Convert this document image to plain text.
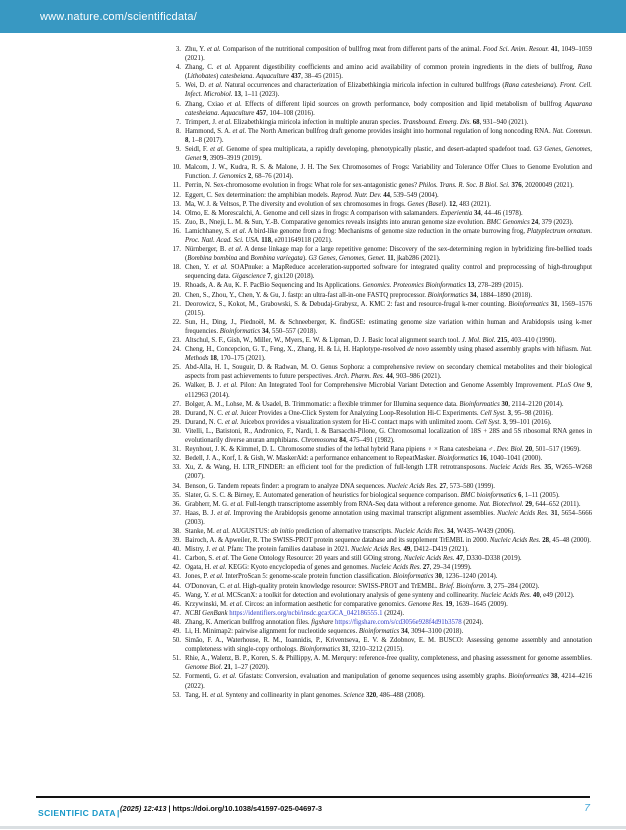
www.nature.com/scientificdata/
3. Zhu, Y. et al. Comparison of the nutritional composition of bullfrog meat from different parts of the animal. Food Sci. Anim. Resour. 41, 1049–1059 (2021).
4. Zhang, C. et al. Apparent digestibility coefficients and amino acid availability of common protein ingredients in the diets of bullfrog, Rana (Lithobates) catesbeiana. Aquaculture 437, 38–45 (2015).
5. Wei, D. et al. Natural occurrences and characterization of Elizabethkingia miricola infection in cultured bullfrogs (Rana catesbeiana). Front. Cell. Infect. Microbiol. 13, 1–11 (2023).
6. Zhang, Cxiao et al. Effects of different lipid sources on growth performance, body composition and lipid metabolism of bullfrog Aquarana catesbeiana. Aquaculture 457, 104–108 (2016).
7. Trimpert, J. et al. Elizabethkingia miricola infection in multiple anuran species. Transbound. Emerg. Dis. 68, 931–940 (2021).
8. Hammond, S. A. et al. The North American bullfrog draft genome provides insight into hormonal regulation of long noncoding RNA. Nat. Commun. 8, 1–8 (2017).
9. Seidl, F. et al. Genome of spea multiplicata, a rapidly developing, phenotypically plastic, and desert-adapted spadefoot toad. G3 Genes, Genomes, Genet 9, 3909–3919 (2019).
10. Malcom, J. W., Kudra, R. S. & Malone, J. H. The Sex Chromosomes of Frogs: Variability and Tolerance Offer Clues to Genome Evolution and Function. J. Genomics 2, 68–76 (2014).
11. Perrin, N. Sex-chromosome evolution in frogs: What role for sex-antagonistic genes? Philos. Trans. R. Soc. B Biol. Sci. 376, 20200049 (2021).
12. Eggert, C. Sex determination: the amphibian models. Reprod. Nutr. Dev. 44, 539–549 (2004).
13. Ma, W. J. & Veltsos, P. The diversity and evolution of sex chromosomes in frogs. Genes (Basel). 12, 483 (2021).
14. Olmo, E. & Morescalchi, A. Genome and cell sizes in frogs: A comparison with salamanders. Experientia 34, 44–46 (1978).
15. Zuo, B., Nneji, L. M. & Sun, Y.-B. Comparative genomics reveals insights into anuran genome size evolution. BMC Genomics 24, 379 (2023).
16. Lamichhaney, S. et al. A bird-like genome from a frog: Mechanisms of genome size reduction in the ornate burrowing frog, Platyplectrum ornatum. Proc. Natl. Acad. Sci. USA. 118, e2011649118 (2021).
17. Nürnberger, B. et al. A dense linkage map for a large repetitive genome: Discovery of the sex-determining region in hybridizing fire-bellied toads (Bombina bombina and Bombina variegata). G3 Genes, Genomes, Genet. 11, jkab286 (2021).
18. Chen, Y. et al. SOAPnuke: a MapReduce acceleration-supported software for integrated quality control and preprocessing of high-throughput sequencing data. Gigascience 7, gix120 (2018).
19. Rhoads, A. & Au, K. F. PacBio Sequencing and Its Applications. Genomics. Proteomics Bioinformatics 13, 278–289 (2015).
20. Chen, S., Zhou, Y., Chen, Y. & Gu, J. fastp: an ultra-fast all-in-one FASTQ preprocessor. Bioinformatics 34, 1884–1890 (2018).
21. Deorowicz, S., Kokot, M., Grabowski, S. & Debudaj-Grabysz, A. KMC 2: fast and resource-frugal k-mer counting. Bioinformatics 31, 1569–1576 (2015).
22. Sun, H., Ding, J., Piednoël, M. & Schneeberger, K. findGSE: estimating genome size variation within human and Arabidopsis using k-mer frequencies. Bioinformatics 34, 550–557 (2018).
23. Altschul, S. F., Gish, W., Miller, W., Myers, E. W. & Lipman, D. J. Basic local alignment search tool. J. Mol. Biol. 215, 403–410 (1990).
24. Cheng, H., Concepcion, G. T., Feng, X., Zhang, H. & Li, H. Haplotype-resolved de novo assembly using phased assembly graphs with hifiasm. Nat. Methods 18, 170–175 (2021).
25. Abd-Alla, H. I., Souguir, D. & Radwan, M. O. Genus Sophora: a comprehensive review on secondary chemical metabolites and their biological aspects from past achievements to future perspectives. Arch. Pharm. Res. 44, 903–986 (2021).
26. Walker, B. J. et al. Pilon: An Integrated Tool for Comprehensive Microbial Variant Detection and Genome Assembly Improvement. PLoS One 9, e112963 (2014).
27. Bolger, A. M., Lohse, M. & Usadel, B. Trimmomatic: a flexible trimmer for Illumina sequence data. Bioinformatics 30, 2114–2120 (2014).
28. Durand, N. C. et al. Juicer Provides a One-Click System for Analyzing Loop-Resolution Hi-C Experiments. Cell Syst. 3, 95–98 (2016).
29. Durand, N. C. et al. Juicebox provides a visualization system for Hi-C contact maps with unlimited zoom. Cell Syst. 3, 99–101 (2016).
30. Vitelli, L., Batistoni, R., Andronico, F., Nardi, I. & Barsacchi-Pilone, G. Chromosomal localization of 18S + 28S and 5S ribosomal RNA genes in evolutionarily diverse anuran amphibians. Chromosoma 84, 475–491 (1982).
31. Reynhout, J. K. & Kimmel, D. L. Chromosome studies of the lethal hybrid Rana pipiens ♀ × Rana catesbeiana ♂. Dev. Biol. 20, 501–517 (1969).
32. Bedell, J. A., Korf, I. & Gish, W. MaskerAid: a performance enhancement to RepeatMasker. Bioinformatics 16, 1040–1041 (2000).
33. Xu, Z. & Wang, H. LTR_FINDER: an efficient tool for the prediction of full-length LTR retrotransposons. Nucleic Acids Res. 35, W265–W268 (2007).
34. Benson, G. Tandem repeats finder: a program to analyze DNA sequences. Nucleic Acids Res. 27, 573–580 (1999).
35. Slater, G. S. C. & Birney, E. Automated generation of heuristics for biological sequence comparison. BMC bioinformatics 6, 1–11 (2005).
36. Grabherr, M. G. et al. Full-length transcriptome assembly from RNA-Seq data without a reference genome. Nat. Biotechnol. 29, 644–652 (2011).
37. Haas, B. J. et al. Improving the Arabidopsis genome annotation using maximal transcript alignment assemblies. Nucleic Acids Res. 31, 5654–5666 (2003).
38. Stanke, M. et al. AUGUSTUS: ab initio prediction of alternative transcripts. Nucleic Acids Res. 34, W435–W439 (2006).
39. Bairoch, A. & Apweiler, R. The SWISS-PROT protein sequence database and its supplement TrEMBL in 2000. Nucleic Acids Res. 28, 45–48 (2000).
40. Mistry, J. et al. Pfam: The protein families database in 2021. Nucleic Acids Res. 49, D412–D419 (2021).
41. Carbon, S. et al. The Gene Ontology Resource: 20 years and still GOing strong. Nucleic Acids Res. 47, D330–D338 (2019).
42. Ogata, H. et al. KEGG: Kyoto encyclopedia of genes and genomes. Nucleic Acids Res. 27, 29–34 (1999).
43. Jones, P. et al. InterProScan 5: genome-scale protein function classification. Bioinformatics 30, 1236–1240 (2014).
44. O'Donovan, C. et al. High-quality protein knowledge resource: SWISS-PROT and TrEMBL. Brief. Bioinform. 3, 275–284 (2002).
45. Wang, Y. et al. MCScanX: a toolkit for detection and evolutionary analysis of gene synteny and collinearity. Nucleic Acids Res. 40, e49 (2012).
46. Krzywinski, M. et al. Circos: an information aesthetic for comparative genomics. Genome Res. 19, 1639–1645 (2009).
47. NCBI GenBank https://identifiers.org/ncbi/insdc.gca:GCA_042186555.1 (2024).
48. Zhang, K. American bullfrog annotation files. figshare https://figshare.com/s/cd3056e928f4d91b3578 (2024).
49. Li, H. Minimap2: pairwise alignment for nucleotide sequences. Bioinformatics 34, 3094–3100 (2018).
50. Simão, F. A., Waterhouse, R. M., Ioannidis, P., Kriventseva, E. V. & Zdobnov, E. M. BUSCO: Assessing genome assembly and annotation completeness with single-copy orthologs. Bioinformatics 31, 3210–3212 (2015).
51. Rhie, A., Walenz, B. P., Koren, S. & Phillippy, A. M. Merqury: reference-free quality, completeness, and phasing assessment for genome assemblies. Genome Biol. 21, 1–27 (2020).
52. Formenti, G. et al. Gfastats: Conversion, evaluation and manipulation of genome sequences using assembly graphs. Bioinformatics 38, 4214–4216 (2022).
53. Tang, H. et al. Synteny and collinearity in plant genomes. Science 320, 486–488 (2008).
SCIENTIFIC DATA| (2025) 12:413 | https://doi.org/10.1038/s41597-025-04697-3	7
